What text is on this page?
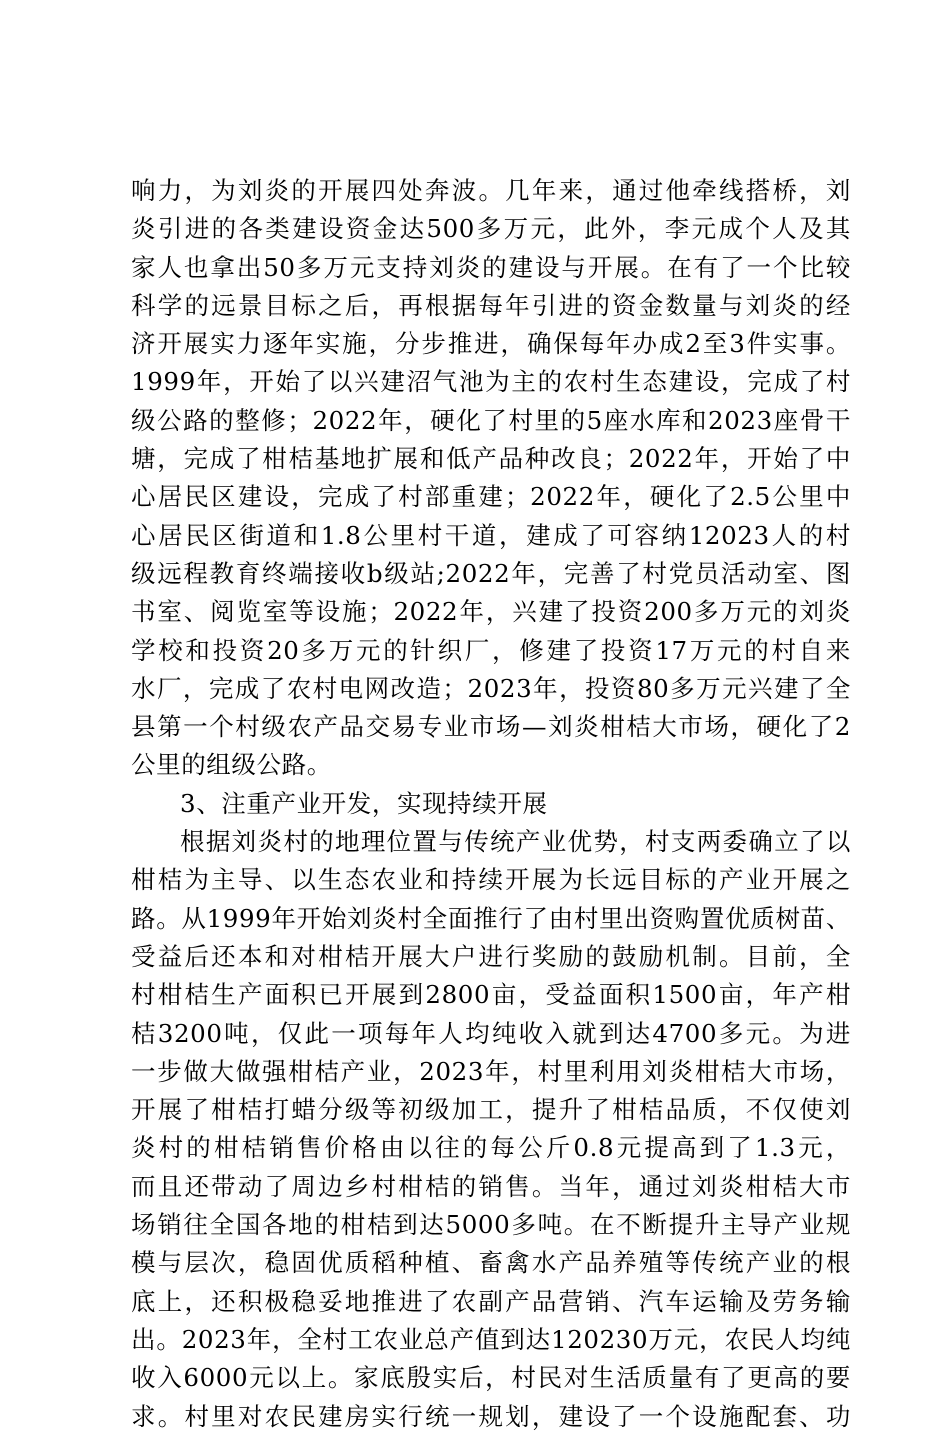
响力，为刘炎的开展四处奔波。几年来，通过他牵线搭桥，刘
炎引进的各类建设资金达500多万元，此外，李元成个人及其
家人也拿出50多万元支持刘炎的建设与开展。在有了一个比较
科学的远景目标之后，再根据每年引进的资金数量与刘炎的经
济开展实力逐年实施，分步推进，确保每年办成2至3件实事。
1999年，开始了以兴建沼气池为主的农村生态建设，完成了村
级公路的整修；2022年，硬化了村里的5座水库和2023座骨干
塘，完成了柑桔基地扩展和低产品种改良；2022年，开始了中
心居民区建设，完成了村部重建；2022年，硬化了2.5公里中
心居民区街道和1.8公里村干道，建成了可容纳12023人的村
级远程教育终端接收b级站;2022年，完善了村党员活动室、图
书室、阅览室等设施；2022年，兴建了投资200多万元的刘炎
学校和投资20多万元的针织厂，修建了投资17万元的村自来
水厂，完成了农村电网改造；2023年，投资80多万元兴建了全
县第一个村级农产品交易专业市场—刘炎柑桔大市场，硬化了2
公里的组级公路。
3、注重产业开发，实现持续开展
根据刘炎村的地理位置与传统产业优势，村支两委确立了以
柑桔为主导、以生态农业和持续开展为长远目标的产业开展之
路。从1999年开始刘炎村全面推行了由村里出资购置优质树苗、
受益后还本和对柑桔开展大户进行奖励的鼓励机制。目前，全
村柑桔生产面积已开展到2800亩，受益面积1500亩，年产柑
桔3200吨，仅此一项每年人均纯收入就到达4700多元。为进
一步做大做强柑桔产业，2023年，村里利用刘炎柑桔大市场，
开展了柑桔打蜡分级等初级加工，提升了柑桔品质，不仅使刘
炎村的柑桔销售价格由以往的每公斤0.8元提高到了1.3元，
而且还带动了周边乡村柑桔的销售。当年，通过刘炎柑桔大市
场销往全国各地的柑桔到达5000多吨。在不断提升主导产业规
模与层次，稳固优质稻种植、畜禽水产品养殖等传统产业的根
底上，还积极稳妥地推进了农副产品营销、汽车运输及劳务输
出。2023年，全村工农业总产值到达120230万元，农民人均纯
收入6000元以上。家底殷实后，村民对生活质量有了更高的要
求。村里对农民建房实行统一规划，建设了一个设施配套、功
